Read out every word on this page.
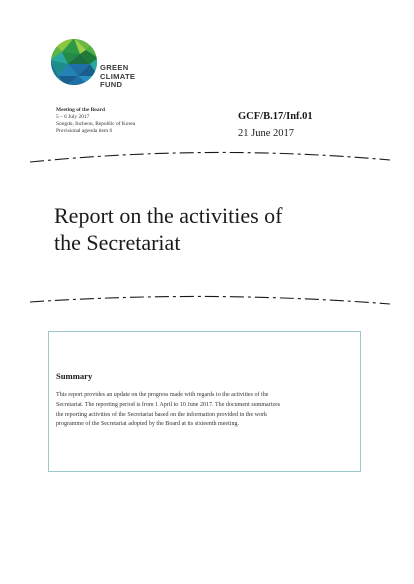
GREEN
CLIMATE
FUND
Meeting of the Board
5 – 6 July 2017
Songdo, Incheon, Republic of Korea
Provisional agenda item 6
GCF/B.17/Inf.01
21 June 2017
Report on the activities of
the Secretariat
Summary
This report provides an update on the progress made with regards to the activities of the
Secretariat. The reporting period is from 1 April to 10 June 2017. The document summarizes
the reporting activities of the Secretariat based on the information provided in the work
programme of the Secretariat adopted by the Board at its sixteenth meeting.
